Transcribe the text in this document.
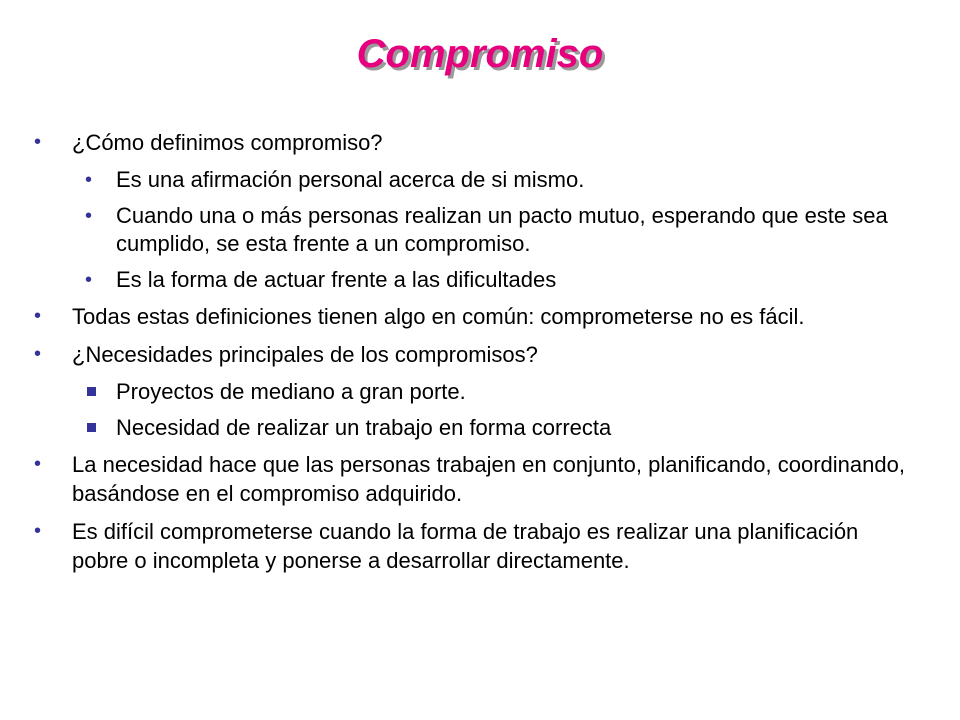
Compromiso
• ¿Cómo definimos compromiso?
• Es una afirmación personal acerca de si mismo.
• Cuando una o más personas realizan un pacto mutuo, esperando que este sea cumplido, se esta frente a un compromiso.
• Es la forma de actuar frente a las dificultades
• Todas estas definiciones tienen algo en común: comprometerse no es fácil.
• ¿Necesidades principales de los compromisos?
Proyectos de mediano a gran porte.
Necesidad de realizar un trabajo en forma correcta
• La necesidad hace que las personas trabajen en conjunto, planificando, coordinando, basándose en el compromiso adquirido.
• Es difícil comprometerse cuando la forma de trabajo es realizar una planificación pobre o incompleta y ponerse a desarrollar directamente.
